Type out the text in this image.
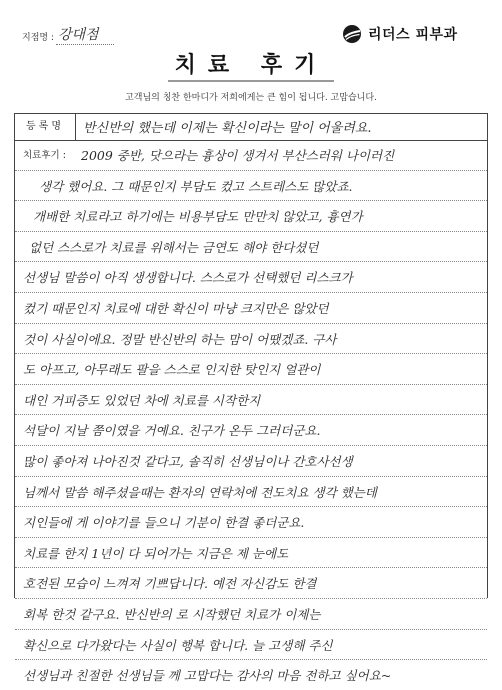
지점명 : 강대점	리더스 피부과
치료 후기
고객님의 칭찬 한마디가 저희에게는 큰 힘이 됩니다. 고맙습니다.
등록명	반신반의 했는데 이제는 확신이라는 말이 어울려요.
치료후기 : 2009 중반, 닷으라는 흉상이 생겨서 부산스러워 나이러진
생각 했어요. 그 때문인지 부담도 컸고 스트레스도 많았죠.
개배한 치료라고 하기에는 비용부담도 만만치 않았고, 흉연가
없던 스스로가 치료를 위해서는 금연도 해야 한다셨던
선생님 말씀이 아직 생생합니다. 스스로가 선택했던 리스크가
컸기 때문인지 치료에 대한 확신이 마냥 크지만은 않았던
것이 사실이에요. 정말 반신반의 하는 맘이 어땠겠죠. 구사
도 아프고, 아무래도 팔을 스스로 인지한 탓인지 얼관이
대인 거피증도 있었던 차에 치료를 시작한지
석달이 지날 쯤이였을 거예요. 친구가 온두 그러더군요.
많이 좋아져 나아진것 같다고, 솔직히 선생님이나 간호사선생
님께서 말씀 해주셨을때는 환자의 연락처에 전도치요 생각 했는데
지인들에 게 이야기를 들으니 기분이 한결 좋더군요.
치료를 한지 1년이 다 되어가는 지금은 제 눈에도
호전된 모습이 느껴져 기쁘답니다. 예전 자신감도 한결
회복 한것 같구요. 반신반의 로 시작했던 치료가 이제는
확신으로 다가왔다는 사실이 행복 합니다. 늘 고생해 주신
선생님과 친절한 선생님들 께 고맙다는 감사의 마음 전하고 싶어요~
